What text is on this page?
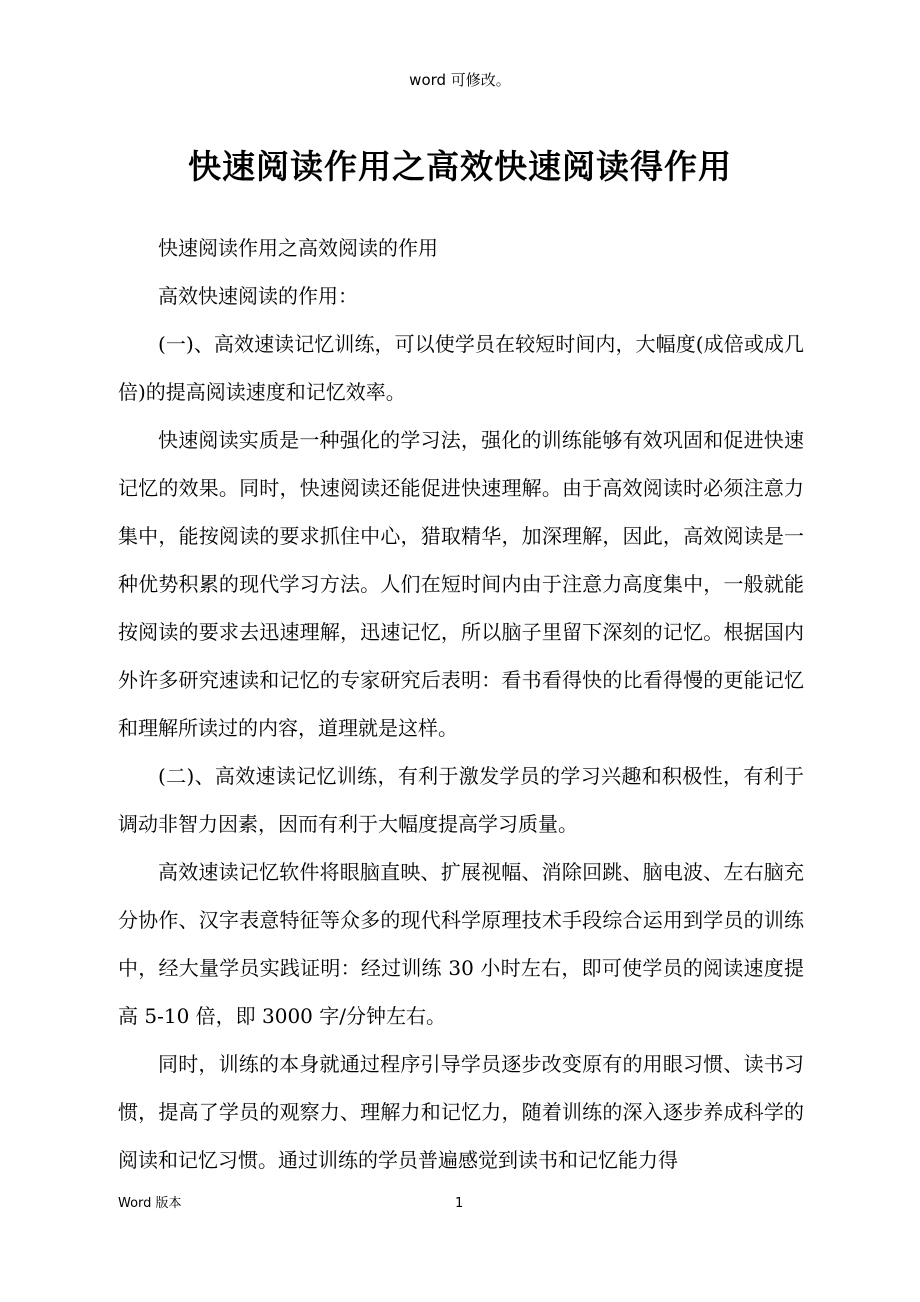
word 可修改。
快速阅读作用之高效快速阅读得作用

快速阅读作用之高效阅读的作用

高效快速阅读的作用：

(一)、高效速读记忆训练，可以使学员在较短时间内，大幅度(成倍或成几倍)的提高阅读速度和记忆效率。

快速阅读实质是一种强化的学习法，强化的训练能够有效巩固和促进快速记忆的效果。同时，快速阅读还能促进快速理解。由于高效阅读时必须注意力集中，能按阅读的要求抓住中心，猎取精华，加深理解，因此，高效阅读是一种优势积累的现代学习方法。人们在短时间内由于注意力高度集中，一般就能按阅读的要求去迅速理解，迅速记忆，所以脑子里留下深刻的记忆。根据国内外许多研究速读和记忆的专家研究后表明：看书看得快的比看得慢的更能记忆和理解所读过的内容，道理就是这样。

(二)、高效速读记忆训练，有利于激发学员的学习兴趣和积极性，有利于调动非智力因素，因而有利于大幅度提高学习质量。

高效速读记忆软件将眼脑直映、扩展视幅、消除回跳、脑电波、左右脑充分协作、汉字表意特征等众多的现代科学原理技术手段综合运用到学员的训练中，经大量学员实践证明：经过训练 30 小时左右，即可使学员的阅读速度提高 5-10 倍，即 3000 字/分钟左右。

同时，训练的本身就通过程序引导学员逐步改变原有的用眼习惯、读书习惯，提高了学员的观察力、理解力和记忆力，随着训练的深入逐步养成科学的阅读和记忆习惯。通过训练的学员普遍感觉到读书和记忆能力得

Word 版本	1
